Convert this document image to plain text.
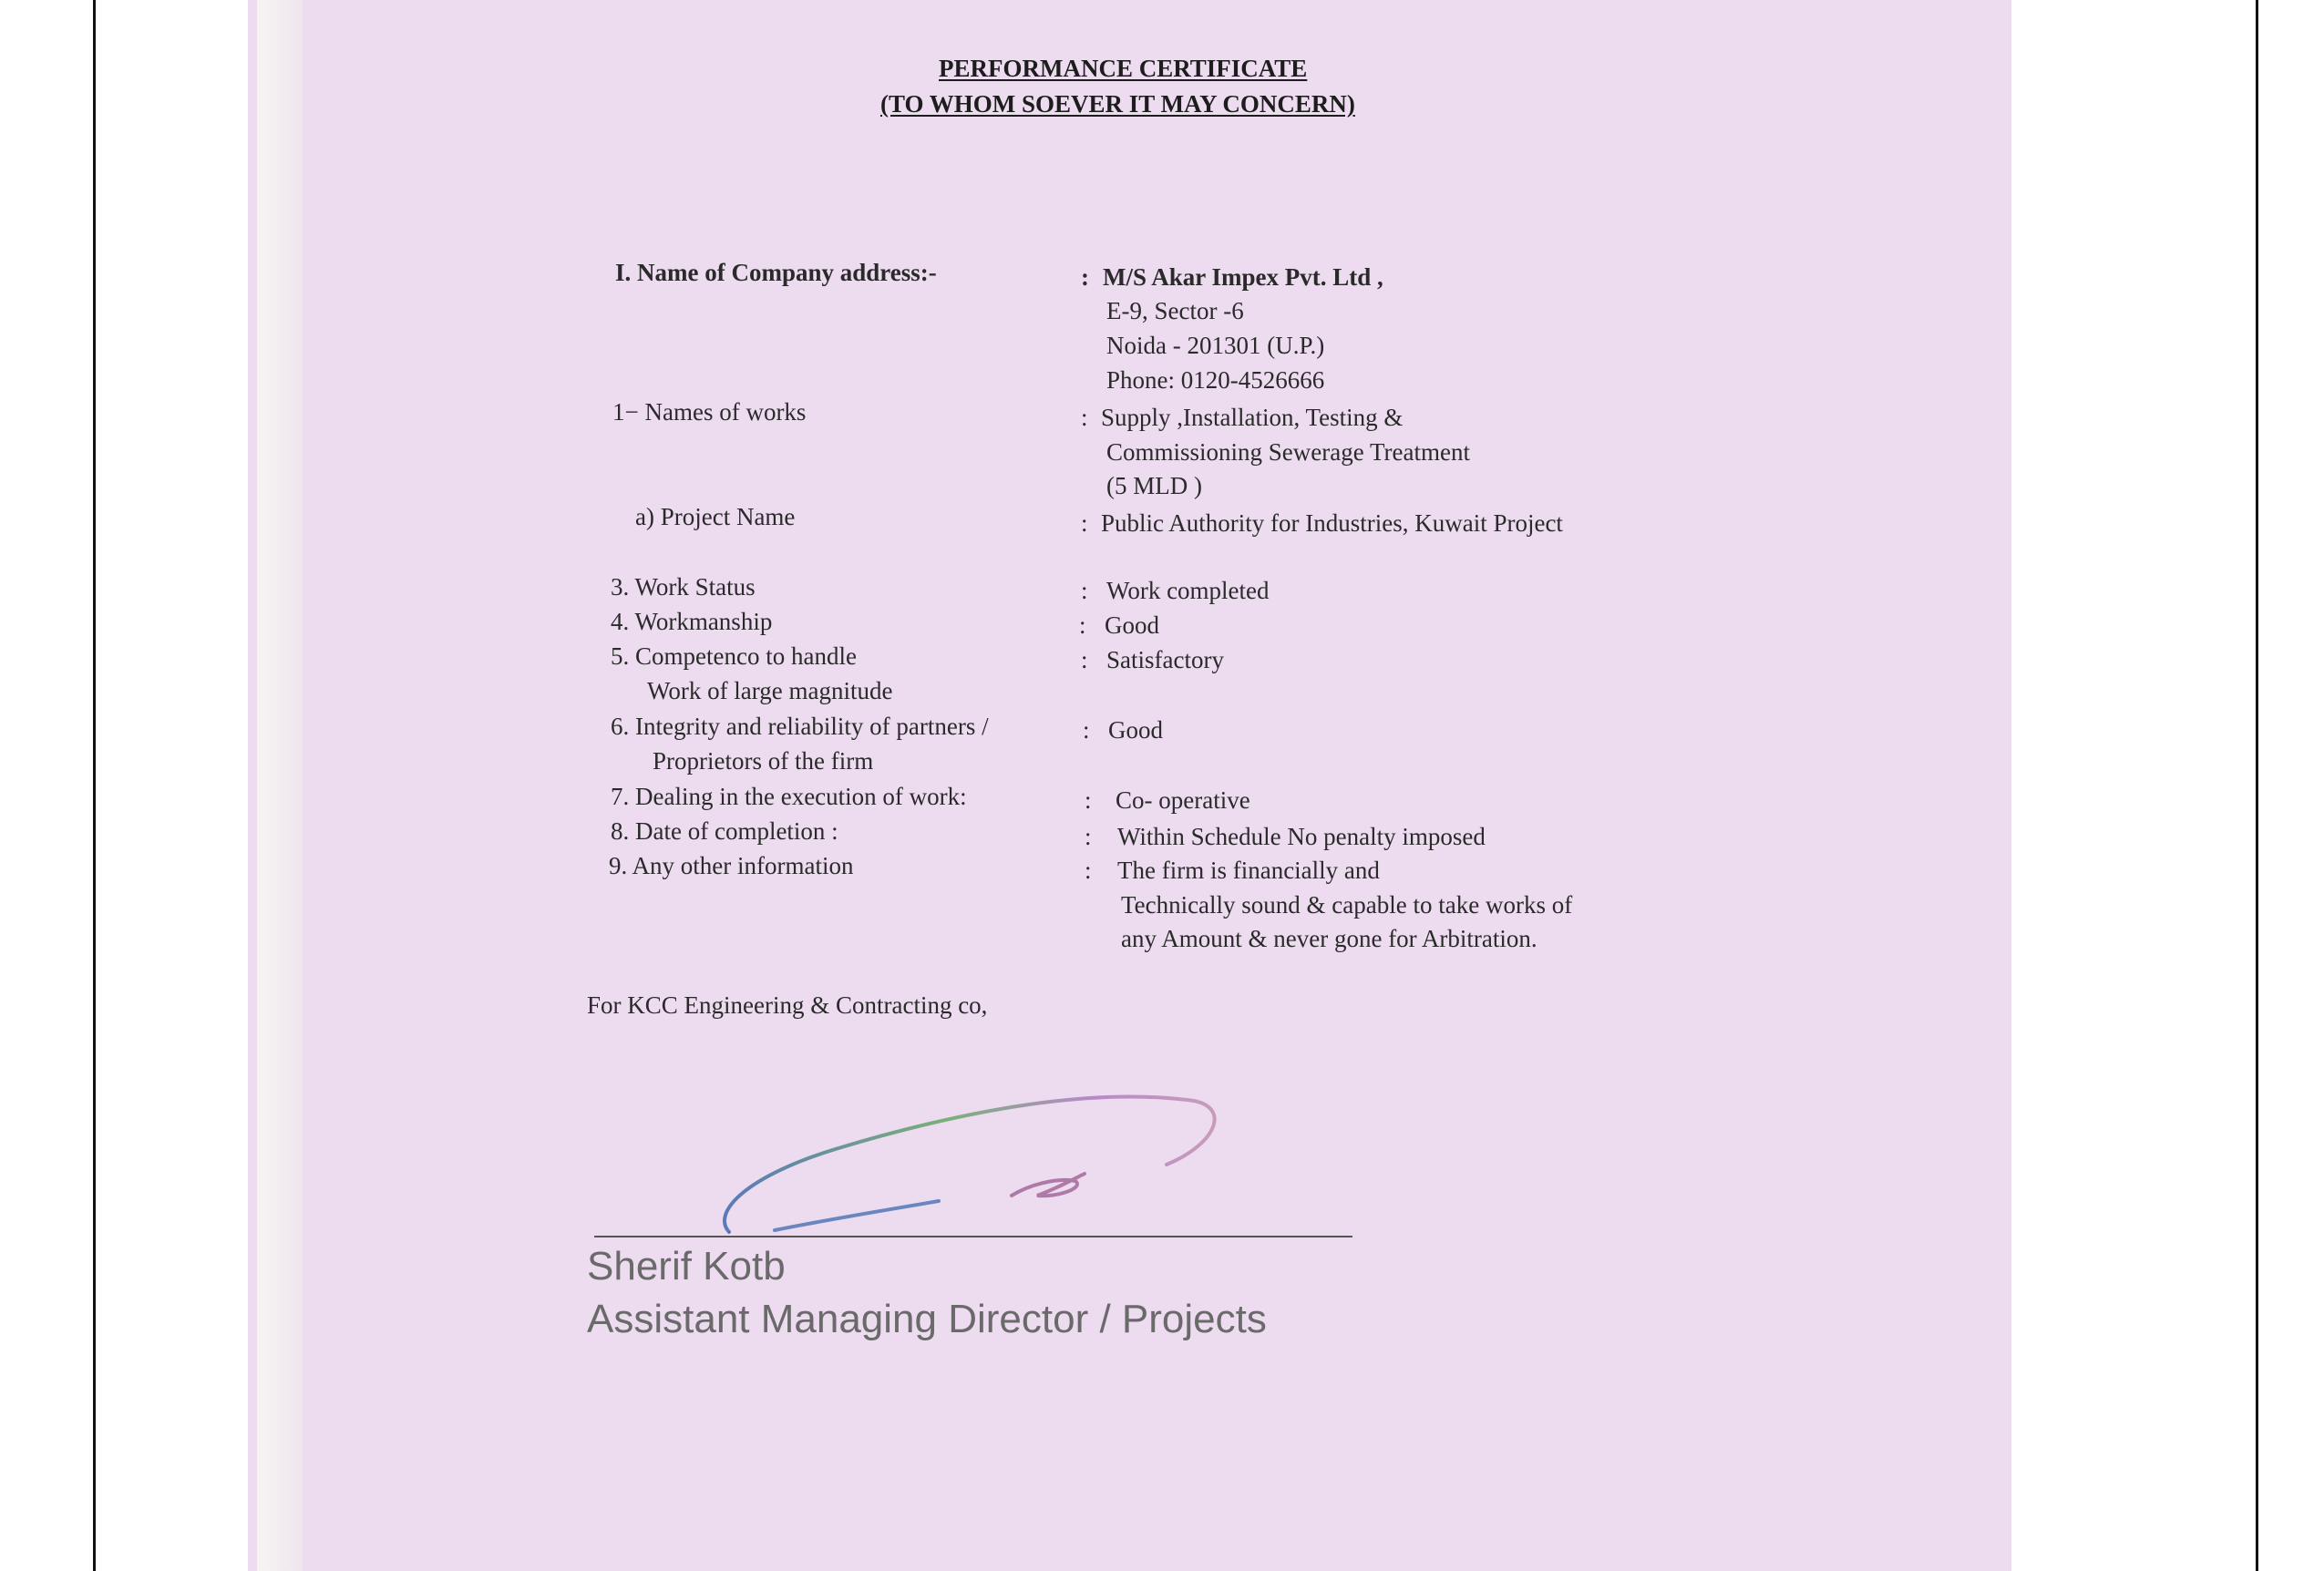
PERFORMANCE CERTIFICATE
(TO WHOM SOEVER IT MAY CONCERN)
I. Name of Company address:-	: M/S Akar Impex Pvt. Ltd ,
E-9, Sector -6
Noida - 201301 (U.P.)
Phone: 0120-4526666
1− Names of works	: Supply ,Installation, Testing &
Commissioning Sewerage Treatment
(5 MLD )
a) Project Name	: Public Authority for Industries, Kuwait Project
3. Work Status	: Work completed
4. Workmanship	: Good
5. Competenco to handle
Work of large magnitude
: Satisfactory
6. Integrity and reliability of partners /
Proprietors of the firm
: Good
7. Dealing in the execution of work:	: Co- operative
8. Date of completion :	: Within Schedule No penalty imposed
9. Any other information	: The firm is financially and
Technically sound & capable to take works of
any Amount & never gone for Arbitration.
For KCC Engineering & Contracting co,
Sherif Kotb
Assistant Managing Director / Projects
